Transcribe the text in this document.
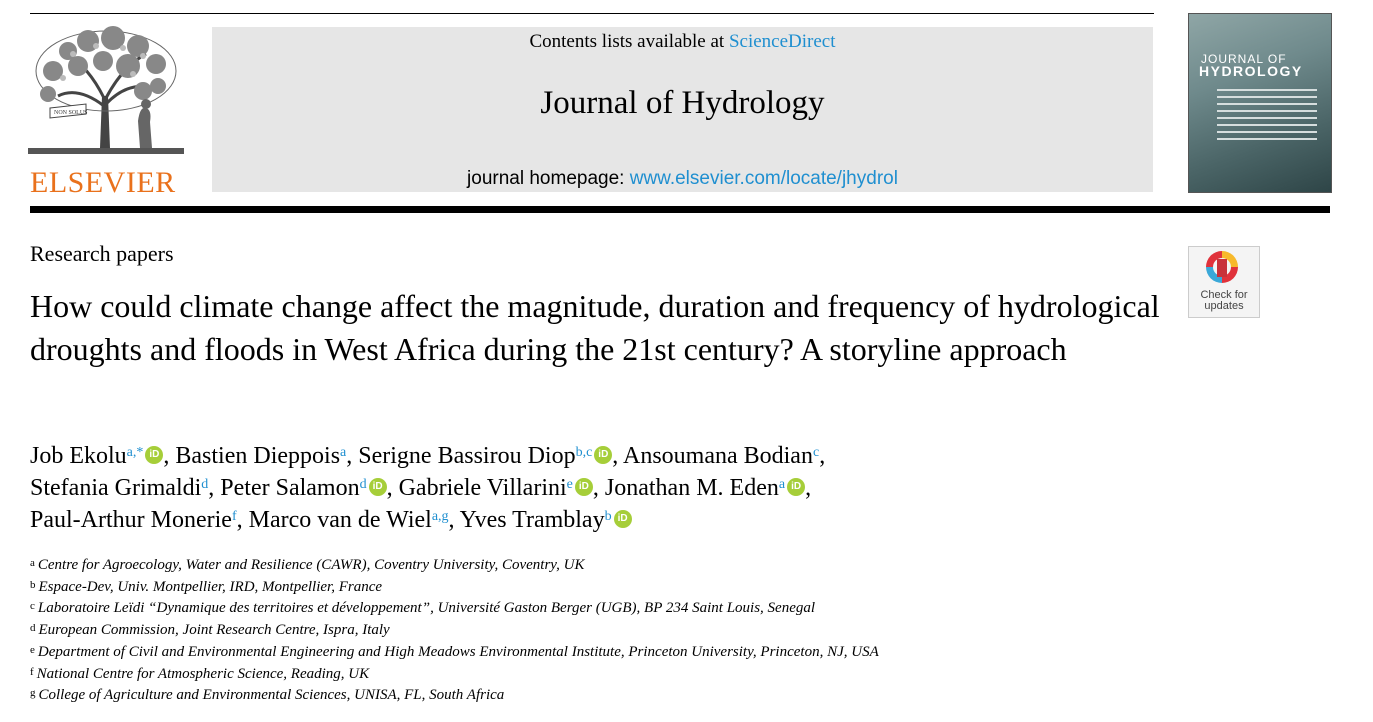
NON SOLUS
ELSEVIER
Contents lists available at ScienceDirect
Journal of Hydrology
journal homepage: www.elsevier.com/locate/jhydrol
JOURNAL OF
HYDROLOGY
Research papers
Check for
updates
How could climate change affect the magnitude, duration and frequency of hydrological droughts and floods in West Africa during the 21st century? A storyline approach
Job Ekolu$^{a,*}$ iD , Bastien Dieppois$^a$, Serigne Bassirou Diop$^{b,c}$ iD , Ansoumana Bodian$^c$,
Stefania Grimaldi$^d$, Peter Salamon$^d$ iD , Gabriele Villarini$^e$ iD , Jonathan M. Eden$^a$ iD ,
Paul-Arthur Monerie$^f$, Marco van de Wiel$^{a,g}$, Yves Tramblay$^b$ iD
$^a$ Centre for Agroecology, Water and Resilience (CAWR), Coventry University, Coventry, UK
$^b$ Espace-Dev, Univ. Montpellier, IRD, Montpellier, France
$^c$ Laboratoire Leïdi “Dynamique des territoires et développement”, Université Gaston Berger (UGB), BP 234 Saint Louis, Senegal
$^d$ European Commission, Joint Research Centre, Ispra, Italy
$^e$ Department of Civil and Environmental Engineering and High Meadows Environmental Institute, Princeton University, Princeton, NJ, USA
$^f$ National Centre for Atmospheric Science, Reading, UK
$^g$ College of Agriculture and Environmental Sciences, UNISA, FL, South Africa
